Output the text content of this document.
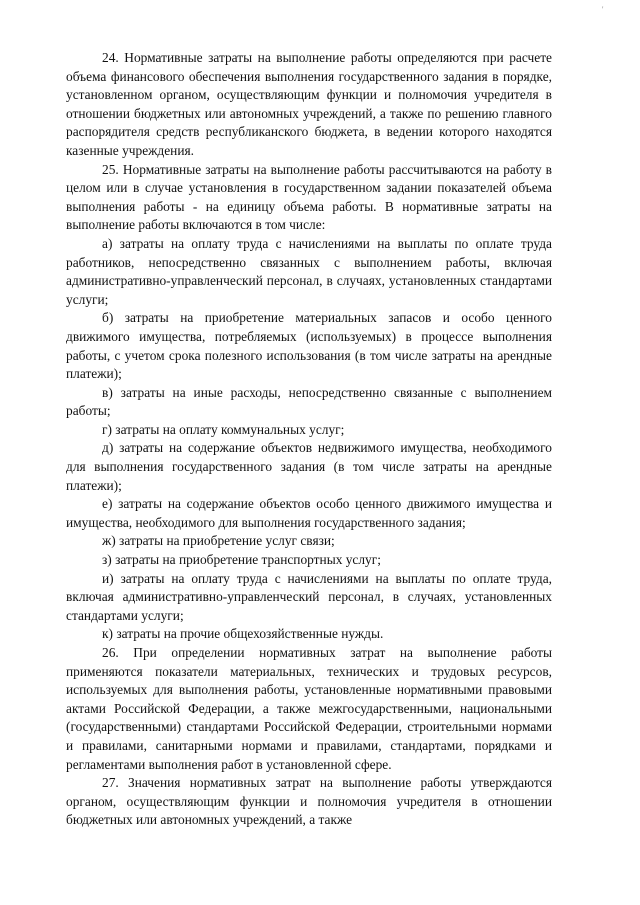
'

24. Нормативные затраты на выполнение работы определяются при расчете объема финансового обеспечения выполнения государственного задания в порядке, установленном органом, осуществляющим функции и полномочия учредителя в отношении бюджетных или автономных учреждений, а также по решению главного распорядителя средств республиканского бюджета, в ведении которого находятся казенные учреждения.

25. Нормативные затраты на выполнение работы рассчитываются на работу в целом или в случае установления в государственном задании показателей объема выполнения работы - на единицу объема работы. В нормативные затраты на выполнение работы включаются в том числе:

а) затраты на оплату труда с начислениями на выплаты по оплате труда работников, непосредственно связанных с выполнением работы, включая административно-управленческий персонал, в случаях, установленных стандартами услуги;

б) затраты на приобретение материальных запасов и особо ценного движимого имущества, потребляемых (используемых) в процессе выполнения работы, с учетом срока полезного использования (в том числе затраты на арендные платежи);

в) затраты на иные расходы, непосредственно связанные с выполнением работы;

г) затраты на оплату коммунальных услуг;

д) затраты на содержание объектов недвижимого имущества, необходимого для выполнения государственного задания (в том числе затраты на арендные платежи);

е) затраты на содержание объектов особо ценного движимого имущества и имущества, необходимого для выполнения государственного задания;

ж) затраты на приобретение услуг связи;

з) затраты на приобретение транспортных услуг;

и) затраты на оплату труда с начислениями на выплаты по оплате труда, включая административно-управленческий персонал, в случаях, установленных стандартами услуги;

к) затраты на прочие общехозяйственные нужды.

26. При определении нормативных затрат на выполнение работы применяются показатели материальных, технических и трудовых ресурсов, используемых для выполнения работы, установленные нормативными правовыми актами Российской Федерации, а также межгосударственными, национальными (государственными) стандартами Российской Федерации, строительными нормами и правилами, санитарными нормами и правилами, стандартами, порядками и регламентами выполнения работ в установленной сфере.

27. Значения нормативных затрат на выполнение работы утверждаются органом, осуществляющим функции и полномочия учредителя в отношении бюджетных или автономных учреждений, а также
